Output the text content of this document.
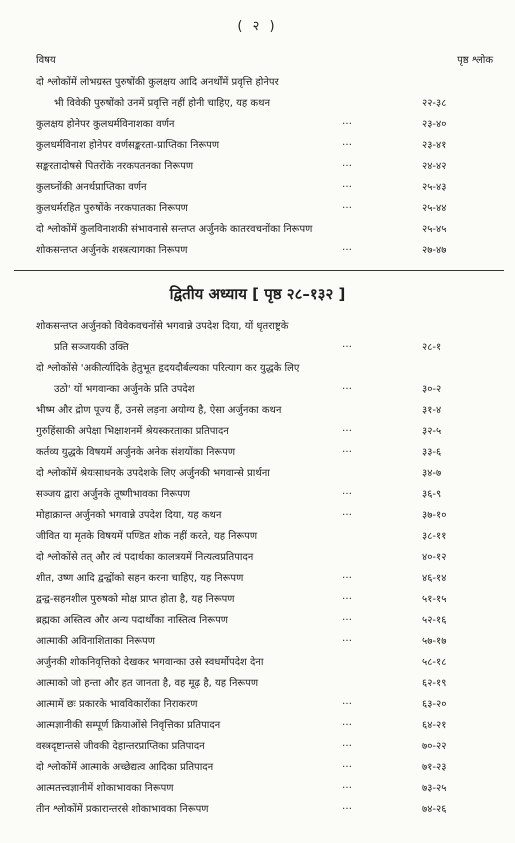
( २ )
विषय	पृष्ठ श्लोक
दो श्लोकोंमें लोभग्रस्त पुरुषोंकी कुलक्षय आदि अनर्थोंमें प्रवृत्ति होनेपर
भी विवेकी पुरुषोंको उनमें प्रवृत्ति नहीं होनी चाहिए, यह कथन	२२-३८
कुलक्षय होनेपर कुलधर्मविनाशका वर्णन	…	२३-४०
कुलधर्मविनाश होनेपर वर्णसङ्करता-प्राप्तिका निरूपण	…	२३-४१
सङ्करतादोषसे पितरोंके नरकपतनका निरूपण	…	२४-४२
कुलघ्नोंकी अनर्थप्राप्तिका वर्णन	…	२५-४३
कुलधर्मरहित पुरुषोंके नरकपातका निरूपण	…	२५-४४
दो श्लोकोंमें कुलविनाशकी संभावनासे सन्तप्त अर्जुनके कातरवचनोंका निरूपण	२५-४५
शोकसन्तप्त अर्जुनके शस्त्रत्यागका निरूपण	…	२७-४७
द्वितीय अध्याय [ पृष्ठ २८–१३२ ]
शोकसन्तप्त अर्जुनको विवेकवचनोंसे भगवान्ने उपदेश दिया, यों धृतराष्ट्रके
प्रति सञ्जयकी उक्ति	…	२८-१
दो श्लोकोंसे 'अकीर्त्यादिके हेतुभूत हृदयदौर्बल्यका परित्याग कर युद्धके लिए
उठो' यों भगवान्का अर्जुनके प्रति उपदेश	…	३०-२
भीष्म और द्रोण पूज्य हैं, उनसे लड़ना अयोग्य है, ऐसा अर्जुनका कथन	३१-४
गुरुहिंसाकी अपेक्षा भिक्षाशनमें श्रेयस्करताका प्रतिपादन	…	३२-५
कर्तव्य युद्धके विषयमें अर्जुनके अनेक संशयोंका निरूपण	…	३३-६
दो श्लोकोंमें श्रेयःसाधनके उपदेशके लिए अर्जुनकी भगवान्से प्रार्थना	३४-७
सञ्जय द्वारा अर्जुनके तूष्णीभावका निरूपण	…	३६-९
मोहाक्रान्त अर्जुनको भगवान्ने उपदेश दिया, यह कथन	…	३७-१०
जीवित या मृतके विषयमें पण्डित शोक नहीं करते, यह निरूपण	३८-११
दो श्लोकोंसे तत् और त्वं पदार्थका कालत्रयमें नित्यत्वप्रतिपादन	४०-१२
शीत, उष्ण आदि द्वन्द्वोंको सहन करना चाहिए, यह निरूपण	…	४६-१४
द्वन्द्व-सहनशील पुरुषको मोक्ष प्राप्त होता है, यह निरूपण	…	५१-१५
ब्रह्मका अस्तित्व और अन्य पदार्थोंका नास्तित्व निरूपण	…	५२-१६
आत्माकी अविनाशिताका निरूपण	…	५७-१७
अर्जुनकी शोकनिवृत्तिको देखकर भगवान्का उसे स्वधर्मोपदेश देना	५८-१८
आत्माको जो हन्ता और हत जानता है, वह मूढ़ है, यह निरूपण	६२-१९
आत्मामें छः प्रकारके भावविकारोंका निराकरण	…	६३-२०
आत्मज्ञानीकी सम्पूर्ण क्रियाओंसे निवृत्तिका प्रतिपादन	…	६४-२१
वस्त्रदृष्टान्तसे जीवकी देहान्तरप्राप्तिका प्रतिपादन	…	७०-२२
दो श्लोकोंमें आत्माके अच्छेद्यत्व आदिका प्रतिपादन	…	७१-२३
आत्मतत्त्वज्ञानीमें शोकाभावका निरूपण	…	७३-२५
तीन श्लोकोंमें प्रकारान्तरसे शोकाभावका निरूपण	…	७४-२६
